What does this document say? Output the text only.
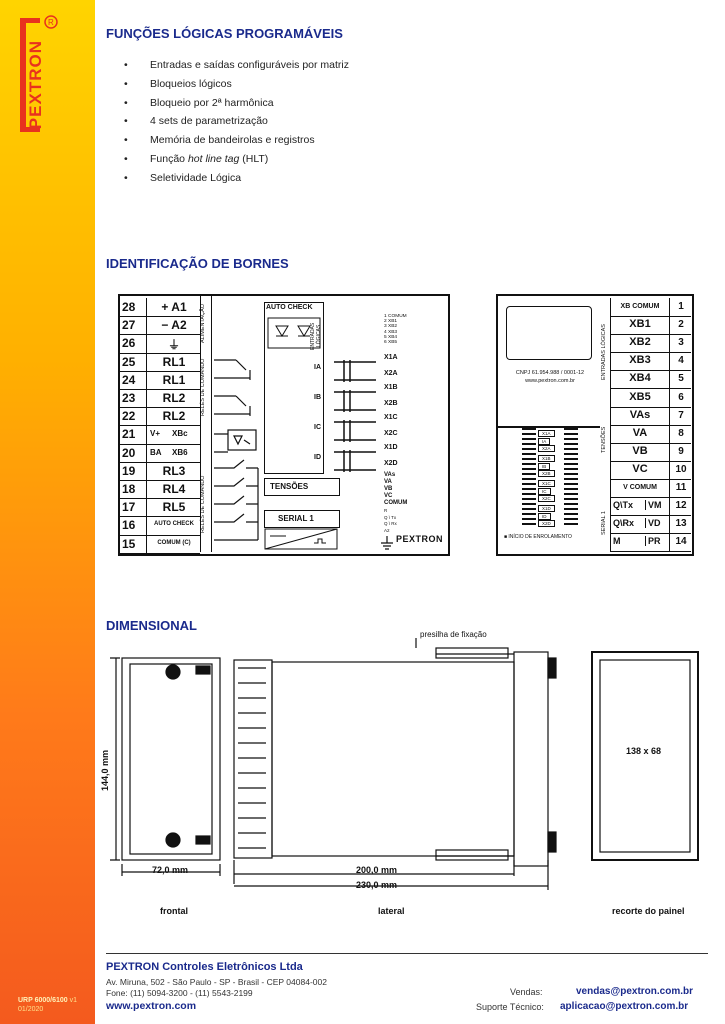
R
PEXTRON
URP 6000/6100 v1
01/2020
FUNÇÕES LÓGICAS PROGRAMÁVEIS
• Entradas e saídas configuráveis por matriz
• Bloqueios lógicos
• Bloqueio por 2ª harmônica
• 4 sets de parametrização
• Memória de bandeirolas e registros
• Função hot line tag (HLT)
• Seletividade Lógica
IDENTIFICAÇÃO DE BORNES
28	+ A1
27	− A2
26	⏚
25	RL1
24	RL1
23	RL2
22	RL2
21	V+ XBc
20	BA XB6
19	RL3
18	RL4
17	RL5
16	AUTO CHECK
15	COMUM (C)
ALIMENTAÇÃO
RELÉS DE COMANDO
RELÉS DE COMANDO
AUTO CHECK
ENTRADAS LÓGICAS
IA
IB
IC
ID
1 COMUM
2 XB1
3 XB2
4 XB3
5 XB4
6 XB5
X1A
X2A
X1B
X2B
X1C
X2C
X1D
X2D
TENSÕES
VAs
VA
VB
VC
COMUM
SERIAL 1
R
Q \ Tx
Q \ Rx
A2
PEXTRON
CNPJ 61.954.988 / 0001-12
www.pextron.com.br
X1A
IA
X2A
X1B
IB
X2B
X1C
IC
X2C
X1D
ID
X2D
■ INÍCIO DE ENROLAMENTO
ENTRADAS LÓGICAS
TENSÕES
SERIAL 1
XB COMUM	1
XB1	2
XB2	3
XB3	4
XB4	5
XB5	6
VAs	7
VA	8
VB	9
VC	10
V COMUM	11
Q\Tx	VM	12
Q\Rx	VD	13
M	PR	14
DIMENSIONAL
presilha de fixação
144,0 mm
72,0 mm	200,0 mm
230,0 mm
138 x 68
frontal	lateral	recorte do painel
PEXTRON Controles Eletrônicos Ltda
Av. Miruna, 502 - São Paulo - SP - Brasil - CEP 04084-002
Fone: (11) 5094-3200 - (11) 5543-2199
www.pextron.com
Vendas:	vendas@pextron.com.br
Suporte Técnico: aplicacao@pextron.com.br
